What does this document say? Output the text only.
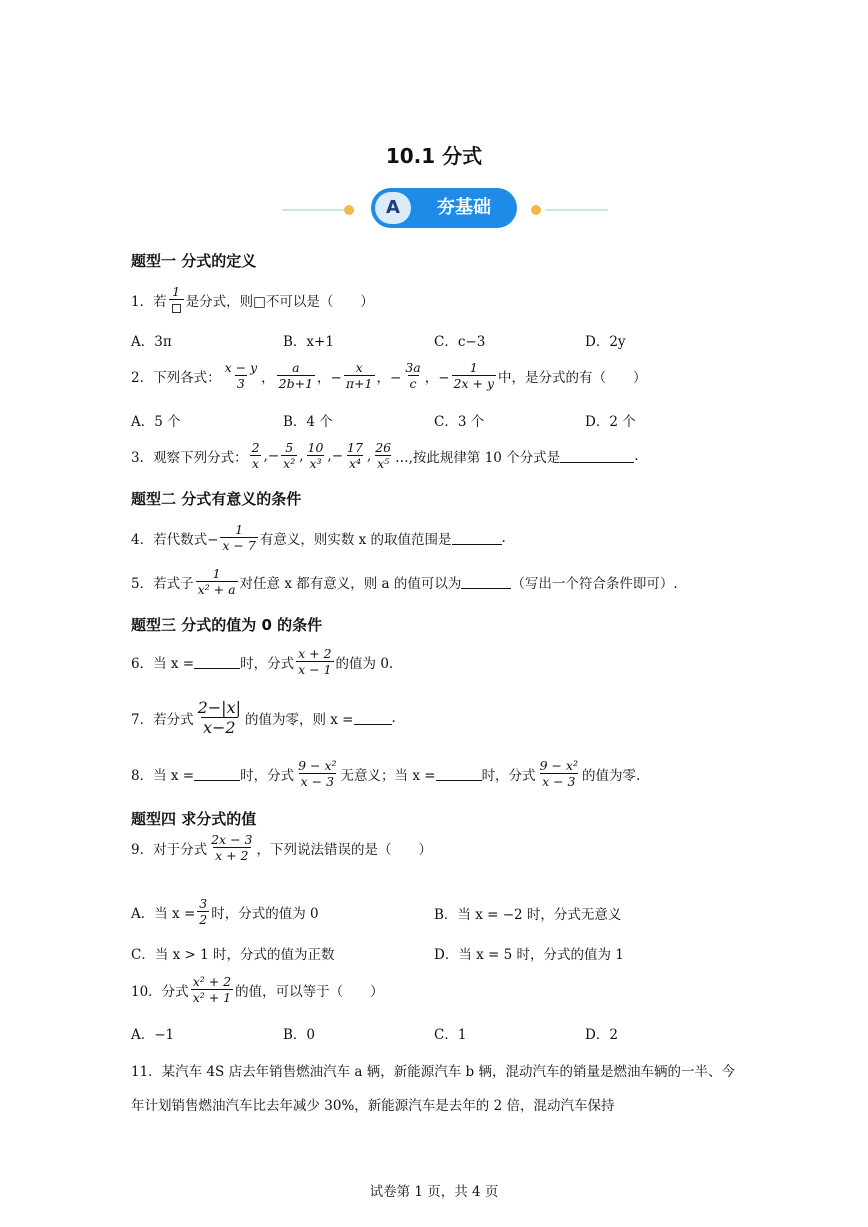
10.1 分式
A	夯基础
题型一 分式的定义
1．若
1
是分式，则□不可以是（　　）
A．3π	B．x+1	C．c−3	D．2y
2．下列各式： $\frac{x - y}{3}$ ， $\frac{a}{2b+1}$ ，− $\frac{x}{\pi+1}$ ，− $\frac{3a}{c}$ ，− $\frac{1}{2x + y}$ 中，是分式的有（　　）
A．5 个	B．4 个	C．3 个	D．2 个
3．观察下列分式： $\frac{2}{x}$ ,− $\frac{5}{\text{x²}}$ , $\frac{10}{\text{x³}}$ ,− $\frac{17}{\text{x⁴}}$ , $\frac{26}{\text{x⁵}}$ …,按此规律第 10 个分式是	.
题型二 分式有意义的条件
4．若代数式− $\frac{1}{x - 7}$ 有意义，则实数 x 的取值范围是	.
5．若式子 $\frac{1}{\text{x² + a}}$ 对任意 x 都有意义，则 a 的值可以为	（写出一个符合条件即可）.
题型三 分式的值为 0 的条件
6．当 x =	时，分式 $\frac{x + 2}{x - 1}$ 的值为 0.
7．若分式 $\frac{2-|x|}{x-2}$ 的值为零，则 x =	.
8．当 x =	时，分式 $\frac{\text{9 − x²}}{x - 3}$ 无意义；当 x =	时，分式 $\frac{\text{9 − x²}}{x - 3}$ 的值为零.
题型四 求分式的值
9．对于分式 $\frac{2x - 3}{x + 2}$ ，下列说法错误的是（　　）
A．当 $x = \frac{3}{2}$ 时，分式的值为 0	B．当 x = −2 时，分式无意义
C．当 x > 1 时，分式的值为正数	D．当 x = 5 时，分式的值为 1
10．分式 $\frac{\text{x² + 2}}{\text{x² + 1}}$ 的值，可以等于（　　）
A．−1	B．0	C．1	D．2
11．某汽车 4S 店去年销售燃油汽车 a 辆，新能源汽车 b 辆，混动汽车的销量是燃油车辆的一半、今年计划销售燃油汽车比去年减少 30%，新能源汽车是去年的 2 倍，混动汽车保持
试卷第 1 页，共 4 页
